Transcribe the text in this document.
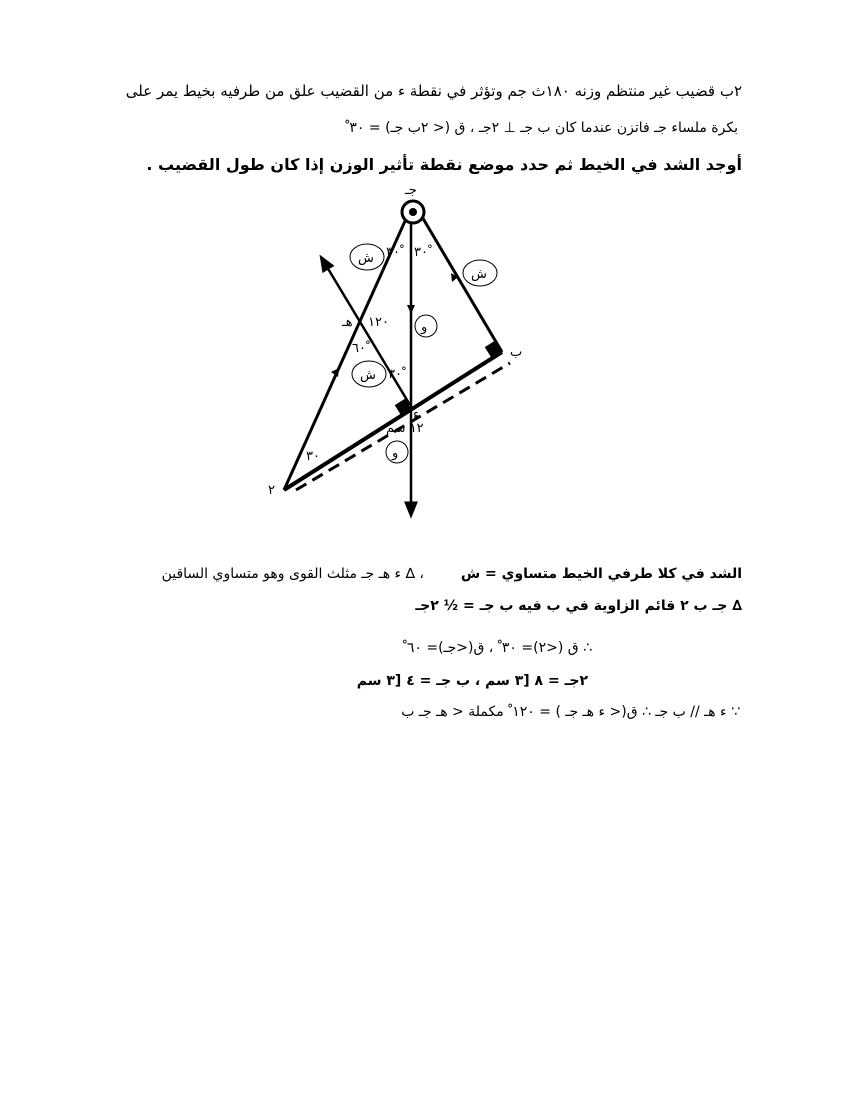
٢ب قضيب غير منتظم وزنه ١٨٠ث جم وتؤثر في نقطة ء من القضيب علق من طرفيه بخيط يمر على
بكرة ملساء جـ فاتزن عندما كان ب جـ ⊥ ٢جـ ، ق (< ٢ب جـ) = ٣٠ ْ
أوجد الشد في الخيط ثم حدد موضع نقطة تأثير الوزن إذا كان طول القضيب .
جـ
٢
ب
ء
هـ
ش
ش
ش
و
و
٣٠ ْ ٣٠ ْ
٣٠
٣٠ ْ
١٢٠
٦٠ ْ
١٢ سم
الشد في كلا طرفي الخيط متساوي = ش  ، ∆ ء هـ جـ مثلث القوى وهو متساوي الساقين
∆ جـ ب ٢ قائم الزاوية في ب فيه ب جـ = ½ ٢جـ
∴ ق (<٢)= ٣٠ ْ ، ق(<جـ)= ٦٠ ْ
٢جـ = ٨ [٣ سم ، ب جـ = ٤ [٣ سم
∵ ء هـ // ب جـ ∴ ق(< ء هـ جـ ) = ١٢٠ ْ مكملة < هـ جـ ب
